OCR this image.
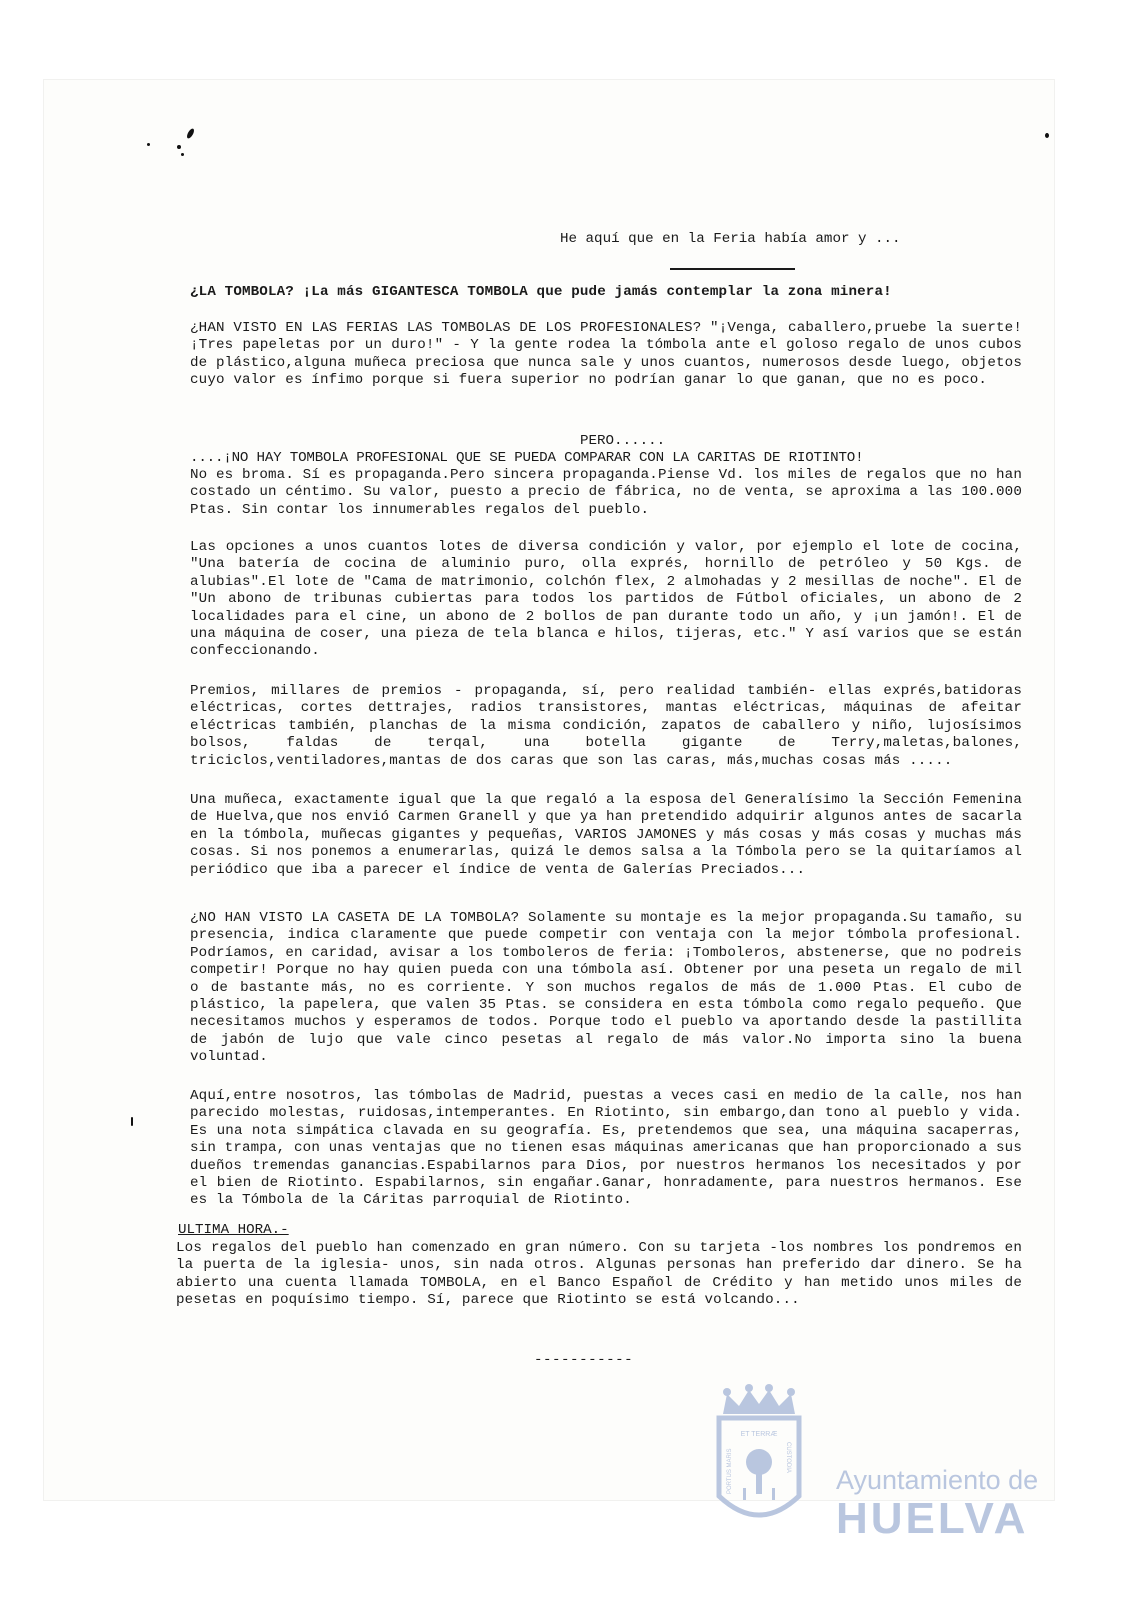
He aquí que en la Feria había amor y ...
¿LA TOMBOLA? ¡La más GIGANTESCA TOMBOLA que pude jamás contemplar la zona minera!
¿HAN VISTO EN LAS FERIAS LAS TOMBOLAS DE LOS PROFESIONALES? "¡Venga, caballero,pruebe la suerte! ¡Tres papeletas por un duro!" - Y la gente rodea la tómbola ante el goloso regalo de unos cubos de plástico,alguna muñeca preciosa que nunca sale y unos cuantos, numerosos desde luego, objetos cuyo valor es ínfimo porque si fuera superior no podrían ganar lo que ganan, que no es poco.
PERO......
....¡NO HAY TOMBOLA PROFESIONAL QUE SE PUEDA COMPARAR CON LA CARITAS DE RIOTINTO!
No es broma. Sí es propaganda.Pero sincera propaganda.Piense Vd. los miles de regalos que no han costado un céntimo. Su valor, puesto a precio de fábrica, no de venta, se aproxima a las 100.000 Ptas. Sin contar los innumerables regalos del pueblo.
Las opciones a unos cuantos lotes de diversa condición y valor, por ejemplo el lote de cocina, "Una batería de cocina de aluminio puro, olla exprés, hornillo de petróleo y 50 Kgs. de alubias".El lote de "Cama de matrimonio, colchón flex, 2 almohadas y 2 mesillas de noche". El de "Un abono de tribunas cubiertas para todos los partidos de Fútbol oficiales, un abono de 2 localidades para el cine, un abono de 2 bollos de pan durante todo un año, y ¡un jamón!. El de una máquina de coser, una pieza de tela blanca e hilos, tijeras, etc." Y así varios que se están confeccionando.
Premios, millares de premios - propaganda, sí, pero realidad también- ellas exprés,batidoras eléctricas, cortes dettrajes, radios transistores, mantas eléctricas, máquinas de afeitar eléctricas también, planchas de la misma condición, zapatos de caballero y niño, lujosísimos bolsos, faldas de terqal, una botella gigante de Terry,maletas,balones, triciclos,ventiladores,mantas de dos caras que son las caras, más,muchas cosas más .....
Una muñeca, exactamente igual que la que regaló a la esposa del Generalísimo la Sección Femenina de Huelva,que nos envió Carmen Granell y que ya han pretendido adquirir algunos antes de sacarla en la tómbola, muñecas gigantes y pequeñas, VARIOS JAMONES y más cosas y más cosas y muchas más cosas. Si nos ponemos a enumerarlas, quizá le demos salsa a la Tómbola pero se la quitaríamos al periódico que iba a parecer el índice de venta de Galerías Preciados...
¿NO HAN VISTO LA CASETA DE LA TOMBOLA? Solamente su montaje es la mejor propaganda.Su tamaño, su presencia, indica claramente que puede competir con ventaja con la mejor tómbola profesional. Podríamos, en caridad, avisar a los tomboleros de feria: ¡Tomboleros, abstenerse, que no podreis competir! Porque no hay quien pueda con una tómbola así. Obtener por una peseta un regalo de mil o de bastante más, no es corriente. Y son muchos regalos de más de 1.000 Ptas. El cubo de plástico, la papelera, que valen 35 Ptas. se considera en esta tómbola como regalo pequeño. Que necesitamos muchos y esperamos de todos. Porque todo el pueblo va aportando desde la pastillita de jabón de lujo que vale cinco pesetas al regalo de más valor.No importa sino la buena voluntad.
Aquí,entre nosotros, las tómbolas de Madrid, puestas a veces casi en medio de la calle, nos han parecido molestas, ruidosas,intemperantes. En Riotinto, sin embargo,dan tono al pueblo y vida. Es una nota simpática clavada en su geografía. Es, pretendemos que sea, una máquina sacaperras, sin trampa, con unas ventajas que no tienen esas máquinas americanas que han proporcionado a sus dueños tremendas ganancias.Espabilarnos para Dios, por nuestros hermanos los necesitados y por el bien de Riotinto. Espabilarnos, sin engañar.Ganar, honradamente, para nuestros hermanos. Ese es la Tómbola de la Cáritas parroquial de Riotinto.
ULTIMA HORA.-
Los regalos del pueblo han comenzado en gran número. Con su tarjeta -los nombres los pondremos en la puerta de la iglesia- unos, sin nada otros. Algunas personas han preferido dar dinero. Se ha abierto una cuenta llamada TOMBOLA, en el Banco Español de Crédito y han metido unos miles de pesetas en poquísimo tiempo. Sí, parece que Riotinto se está volcando...
-----------
ET TERRÆ
PORTUS MARIS	CUSTODIA
Ayuntamiento de
HUELVA
